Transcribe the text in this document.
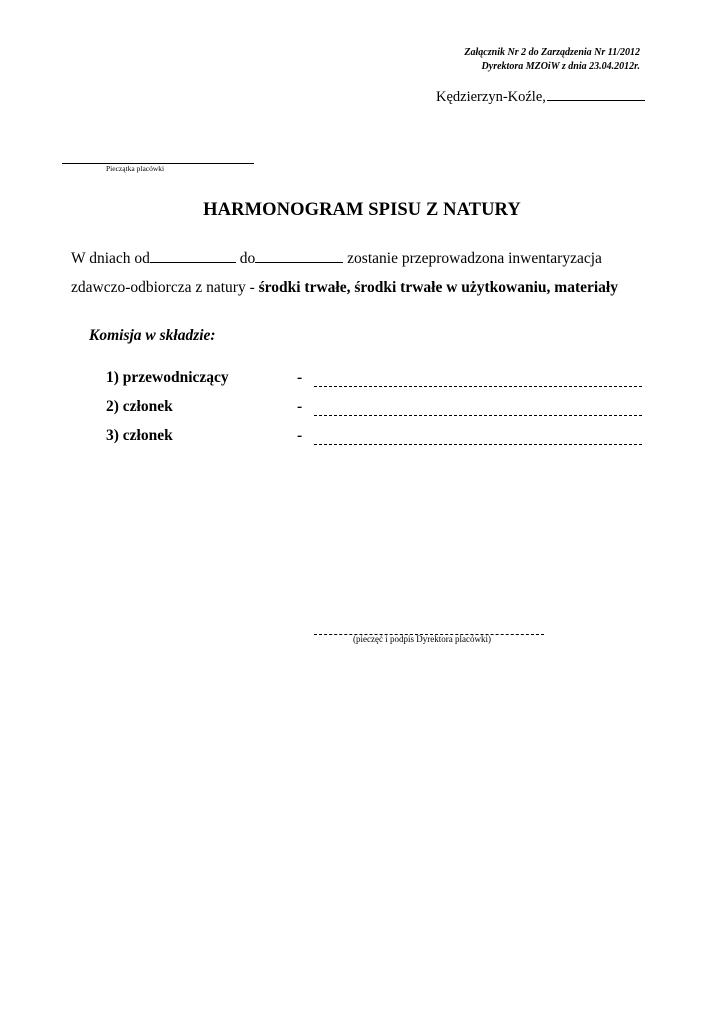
Załącznik Nr 2 do Zarządzenia Nr 11/2012
Dyrektora MZOiW z dnia 23.04.2012r.
Kędzierzyn-Koźle,
Pieczątka placówki
HARMONOGRAM SPISU Z NATURY
W dniach od	do	zostanie przeprowadzona inwentaryzacja
zdawczo-odbiorcza z natury - środki trwałe, środki trwałe w użytkowaniu, materiały
Komisja w składzie:
1) przewodniczący	-
2) członek	-
3) członek	-
(pieczęć i podpis Dyrektora placówki)
